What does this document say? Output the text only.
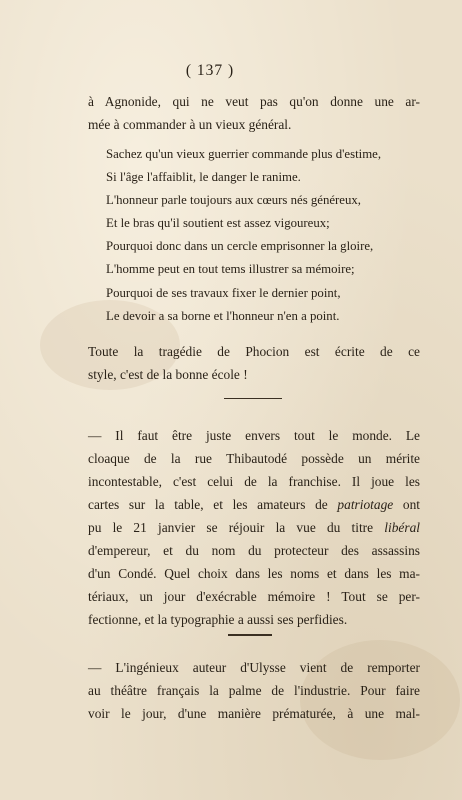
( 137 )

à Agnonide, qui ne veut pas qu'on donne une ar-
mée à commander à un vieux général.

Sachez qu'un vieux guerrier commande plus d'estime,
Si l'âge l'affaiblit, le danger le ranime.
L'honneur parle toujours aux cœurs nés généreux,
Et le bras qu'il soutient est assez vigoureux;
Pourquoi donc dans un cercle emprisonner la gloire,
L'homme peut en tout tems illustrer sa mémoire;
Pourquoi de ses travaux fixer le dernier point,
Le devoir a sa borne et l'honneur n'en a point.

Toute la tragédie de Phocion est écrite de ce
style, c'est de la bonne école !

— Il faut être juste envers tout le monde. Le
cloaque de la rue Thibautodé possède un mérite
incontestable, c'est celui de la franchise. Il joue les
cartes sur la table, et les amateurs de patriotage ont
pu le 21 janvier se réjouir la vue du titre libéral
d'empereur, et du nom du protecteur des assassins
d'un Condé. Quel choix dans les noms et dans les ma-
tériaux, un jour d'exécrable mémoire ! Tout se per-
fectionne, et la typographie a aussi ses perfidies.

— L'ingénieux auteur d'Ulysse vient de remporter
au théâtre français la palme de l'industrie. Pour faire
voir le jour, d'une manière prématurée, à une mal-
